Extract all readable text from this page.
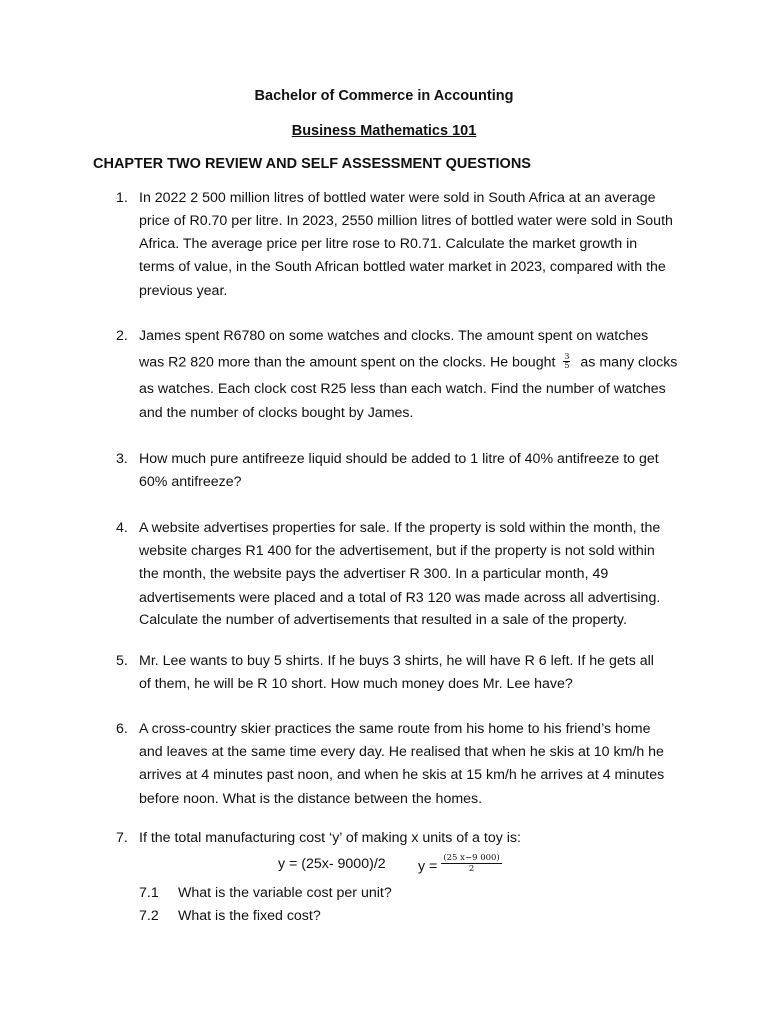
Bachelor of Commerce in Accounting
Business Mathematics 101
CHAPTER TWO REVIEW AND SELF ASSESSMENT QUESTIONS
1. In 2022 2 500 million litres of bottled water were sold in South Africa at an average
price of R0.70 per litre. In 2023, 2550 million litres of bottled water were sold in South
Africa. The average price per litre rose to R0.71. Calculate the market growth in
terms of value, in the South African bottled water market in 2023, compared with the
previous year.
2. James spent R6780 on some watches and clocks. The amount spent on watches
was R2 820 more than the amount spent on the clocks. He bought $\frac{3}{5}$ as many clocks
as watches. Each clock cost R25 less than each watch. Find the number of watches
and the number of clocks bought by James.
3. How much pure antifreeze liquid should be added to 1 litre of 40% antifreeze to get
60% antifreeze?
4. A website advertises properties for sale. If the property is sold within the month, the
website charges R1 400 for the advertisement, but if the property is not sold within
the month, the website pays the advertiser R 300. In a particular month, 49
advertisements were placed and a total of R3 120 was made across all advertising.
Calculate the number of advertisements that resulted in a sale of the property.
5. Mr. Lee wants to buy 5 shirts. If he buys 3 shirts, he will have R 6 left. If he gets all
of them, he will be R 10 short. How much money does Mr. Lee have?
6. A cross-country skier practices the same route from his home to his friend’s home
and leaves at the same time every day. He realised that when he skis at 10 km/h he
arrives at 4 minutes past noon, and when he skis at 15 km/h he arrives at 4 minutes
before noon. What is the distance between the homes.
7. If the total manufacturing cost ‘y’ of making x units of a toy is:
y = (25x- 9000)/2 $y = \frac{(25 x-9 000)}{2}$
7.1 What is the variable cost per unit?
7.2 What is the fixed cost?
